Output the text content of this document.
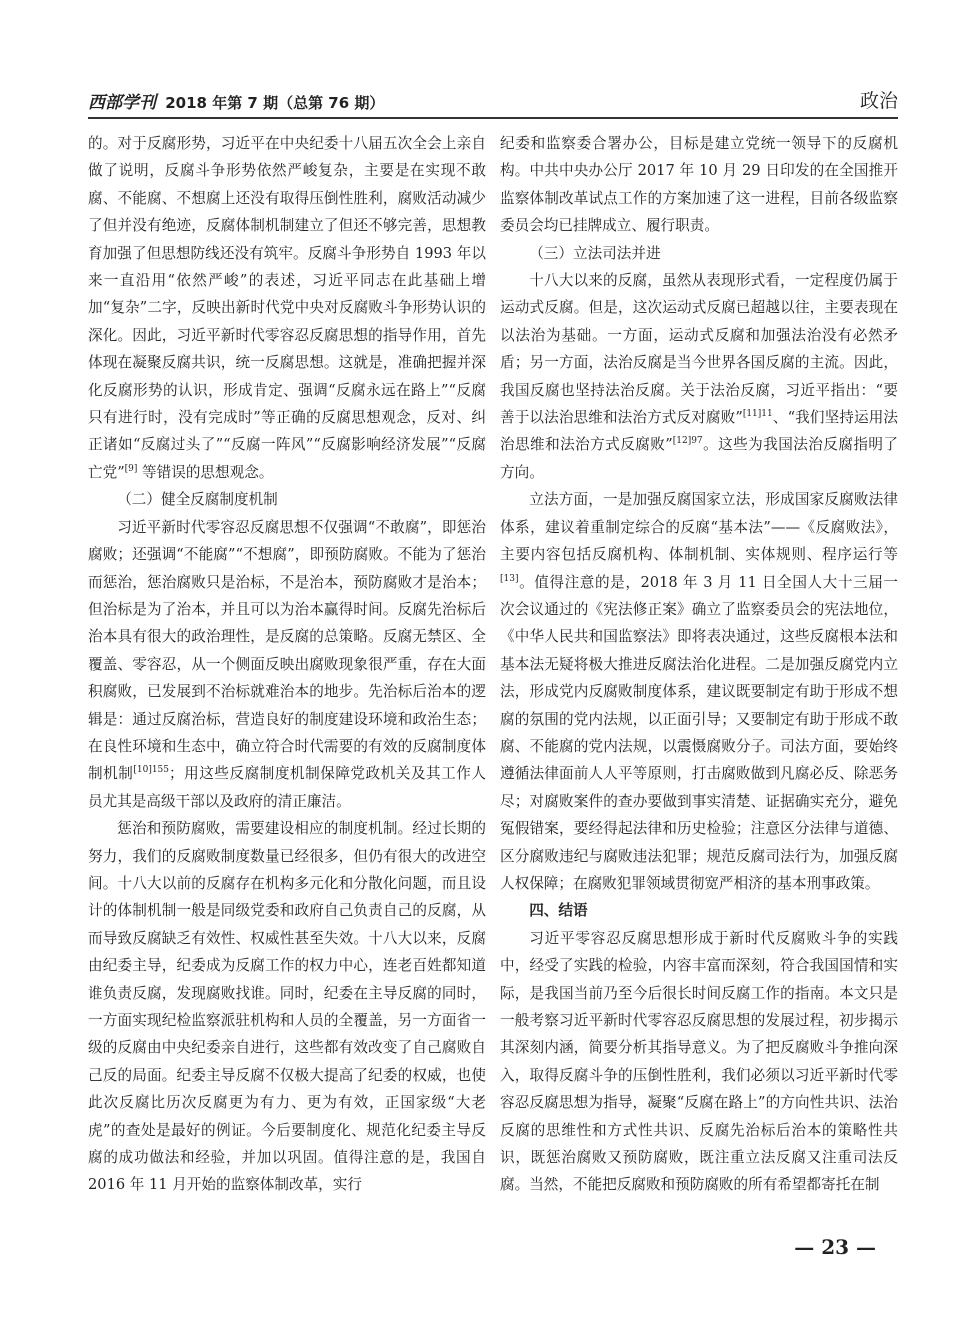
西部学刊 2018 年第 7 期（总第 76 期）	政治

的。对于反腐形势，习近平在中央纪委十八届五次全会上亲自做了说明，反腐斗争形势依然严峻复杂，主要是在实现不敢腐、不能腐、不想腐上还没有取得压倒性胜利，腐败活动减少了但并没有绝迹，反腐体制机制建立了但还不够完善，思想教育加强了但思想防线还没有筑牢。反腐斗争形势自 1993 年以来一直沿用“依然严峻”的表述，习近平同志在此基础上增加“复杂”二字，反映出新时代党中央对反腐败斗争形势认识的深化。因此，习近平新时代零容忍反腐思想的指导作用，首先体现在凝聚反腐共识，统一反腐思想。这就是，准确把握并深化反腐形势的认识，形成肯定、强调“反腐永远在路上”“反腐只有进行时，没有完成时”等正确的反腐思想观念，反对、纠正诸如“反腐过头了”“反腐一阵风”“反腐影响经济发展”“反腐亡党”[9] 等错误的思想观念。

（二）健全反腐制度机制

习近平新时代零容忍反腐思想不仅强调“不敢腐”，即惩治腐败；还强调“不能腐”“不想腐”，即预防腐败。不能为了惩治而惩治，惩治腐败只是治标，不是治本，预防腐败才是治本；但治标是为了治本，并且可以为治本赢得时间。反腐先治标后治本具有很大的政治理性，是反腐的总策略。反腐无禁区、全覆盖、零容忍，从一个侧面反映出腐败现象很严重，存在大面积腐败，已发展到不治标就难治本的地步。先治标后治本的逻辑是：通过反腐治标，营造良好的制度建设环境和政治生态；在良性环境和生态中，确立符合时代需要的有效的反腐制度体制机制$^{[10]155}$；用这些反腐制度机制保障党政机关及其工作人员尤其是高级干部以及政府的清正廉洁。

惩治和预防腐败，需要建设相应的制度机制。经过长期的努力，我们的反腐败制度数量已经很多，但仍有很大的改进空间。十八大以前的反腐存在机构多元化和分散化问题，而且设计的体制机制一般是同级党委和政府自己负责自己的反腐，从而导致反腐缺乏有效性、权威性甚至失效。十八大以来，反腐由纪委主导，纪委成为反腐工作的权力中心，连老百姓都知道谁负责反腐，发现腐败找谁。同时，纪委在主导反腐的同时，一方面实现纪检监察派驻机构和人员的全覆盖，另一方面省一级的反腐由中央纪委亲自进行，这些都有效改变了自己腐败自己反的局面。纪委主导反腐不仅极大提高了纪委的权威，也使此次反腐比历次反腐更为有力、更为有效，正国家级“大老虎”的查处是最好的例证。今后要制度化、规范化纪委主导反腐的成功做法和经验，并加以巩固。值得注意的是，我国自 2016 年 11 月开始的监察体制改革，实行

纪委和监察委合署办公，目标是建立党统一领导下的反腐机构。中共中央办公厅 2017 年 10 月 29 日印发的在全国推开监察体制改革试点工作的方案加速了这一进程，目前各级监察委员会均已挂牌成立、履行职责。

（三）立法司法并进

十八大以来的反腐，虽然从表现形式看，一定程度仍属于运动式反腐。但是，这次运动式反腐已超越以往，主要表现在以法治为基础。一方面，运动式反腐和加强法治没有必然矛盾；另一方面，法治反腐是当今世界各国反腐的主流。因此，我国反腐也坚持法治反腐。关于法治反腐，习近平指出：“要善于以法治思维和法治方式反对腐败”$^{[11]11}$、“我们坚持运用法治思维和法治方式反腐败”$^{[12]97}$。这些为我国法治反腐指明了方向。

立法方面，一是加强反腐国家立法，形成国家反腐败法律体系，建议着重制定综合的反腐“基本法”——《反腐败法》，主要内容包括反腐机构、体制机制、实体规则、程序运行等[13]。值得注意的是，2018 年 3 月 11 日全国人大十三届一次会议通过的《宪法修正案》确立了监察委员会的宪法地位，《中华人民共和国监察法》即将表决通过，这些反腐根本法和基本法无疑将极大推进反腐法治化进程。二是加强反腐党内立法，形成党内反腐败制度体系，建议既要制定有助于形成不想腐的氛围的党内法规，以正面引导；又要制定有助于形成不敢腐、不能腐的党内法规，以震慑腐败分子。司法方面，要始终遵循法律面前人人平等原则，打击腐败做到凡腐必反、除恶务尽；对腐败案件的查办要做到事实清楚、证据确实充分，避免冤假错案，要经得起法律和历史检验；注意区分法律与道德、区分腐败违纪与腐败违法犯罪；规范反腐司法行为，加强反腐人权保障；在腐败犯罪领域贯彻宽严相济的基本刑事政策。

四、结语

习近平零容忍反腐思想形成于新时代反腐败斗争的实践中，经受了实践的检验，内容丰富而深刻，符合我国国情和实际，是我国当前乃至今后很长时间反腐工作的指南。本文只是一般考察习近平新时代零容忍反腐思想的发展过程，初步揭示其深刻内涵，简要分析其指导意义。为了把反腐败斗争推向深入，取得反腐斗争的压倒性胜利，我们必须以习近平新时代零容忍反腐思想为指导，凝聚“反腐在路上”的方向性共识、法治反腐的思维性和方式性共识、反腐先治标后治本的策略性共识，既惩治腐败又预防腐败，既注重立法反腐又注重司法反腐。当然，不能把反腐败和预防腐败的所有希望都寄托在制

— 23 —
